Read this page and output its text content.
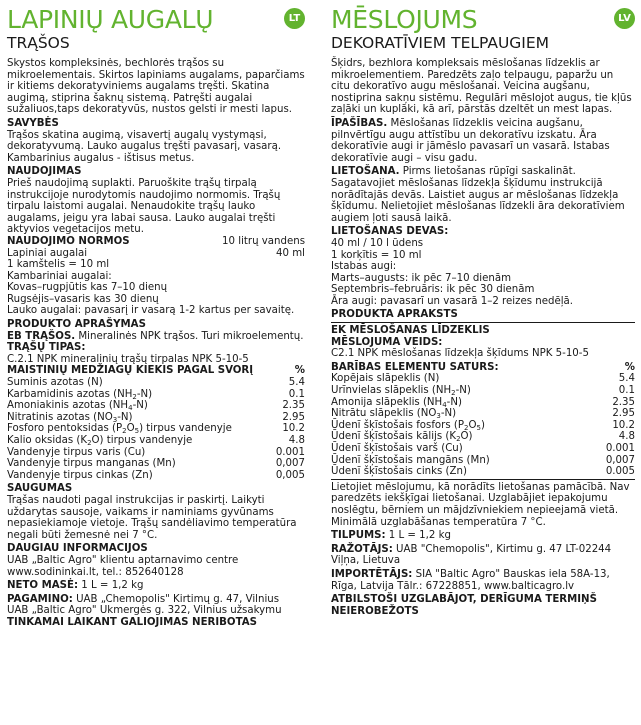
LAPINIŲ AUGALŲ
TRĄŠOS
LT

Skystos kompleksinės, bechlorės trąšos su mikroelementais. Skirtos lapiniams augalams, paparčiams ir kitiems dekoratyviniems augalams tręšti. Skatina augimą, stiprina šaknų sistemą. Patręšti augalai sužaliuos,taps dekoratyvūs, nustos gelsti ir mesti lapus.

SAVYBĖS

Trąšos skatina augimą, visavertį augalų vystymąsi, dekoratyvumą. Lauko augalus tręšti pavasarį, vasarą. Kambarinius augalus - ištisus metus.

NAUDOJIMAS

Prieš naudojimą suplakti. Paruoškite trąšų tirpalą instrukcijoje nurodytomis naudojimo normomis. Trąšų tirpalu laistomi augalai. Nenaudokite trąšų lauko augalams, jeigu yra labai sausa. Lauko augalai tręšti aktyvios vegetacijos metu.

NAUDOJIMO NORMOS	10 litrų vandens
Lapiniai augalai	40 ml

1 kamštelis = 10 ml

Kambariniai augalai:

Kovas–rugpjūtis kas 7–10 dienų

Rugsėjis–vasaris kas 30 dienų

Lauko augalai: pavasarį ir vasarą 1-2 kartus per savaitę.

PRODUKTO APRAŠYMAS

EB TRĄŠOS. Mineralinės NPK trąšos. Turi mikroelementų.

TRĄŠŲ TIPAS:

C.2.1 NPK mineralinių trąšų tirpalas NPK 5-10-5

MAISTINIŲ MEDŽIAGŲ KIEKIS PAGAL SVORĮ	%
Suminis azotas (N)	5.4
Karbamidinis azotas $(NH_2-N)$	0.1
Amoniakinis azotas $(NH_4-N)$	2.35
Nitratinis azotas $(NO_3-N)$	2.95
Fosforo pentoksidas $(P_2O_5)$ tirpus vandenyje	10.2
Kalio oksidas $(K_2O)$ tirpus vandenyje	4.8
Vandenyje tirpus varis (Cu)	0.001
Vandenyje tirpus manganas (Mn)	0,007
Vandenyje tirpus cinkas (Zn)	0,005

SAUGUMAS

Trąšas naudoti pagal instrukcijas ir paskirtį. Laikyti uždarytas sausoje, vaikams ir naminiams gyvūnams nepasiekiamoje vietoje. Trąšų sandėliavimo temperatūra negali būti žemesnė nei 7 °C.

DAUGIAU INFORMACIJOS

UAB „Baltic Agro" klientu aptarnavimo centre

www.sodininkai.lt, tel.: 852640128

NETO MASĖ: 1 L = 1,2 kg

PAGAMINO: UAB „Chemopolis" Kirtimų g. 47, Vilnius

UAB „Baltic Agro" Ukmergės g. 322, Vilnius užsakymu

TINKAMAI LAIKANT GALIOJIMAS NERIBOTAS

MĒSLOJUMS
DEKORATĪVIEM TELPAUGIEM
LV

Šķidrs, bezhlora kompleksais mēslošanas līdzeklis ar mikroelementiem. Paredzēts zaļo telpaugu, paparžu un citu dekoratīvo augu mēslošanai. Veicina augšanu, nostiprina sakņu sistēmu. Regulāri mēslojot augus, tie kļūs zaļāki un kuplāki, kā arī, pārstās dzeltēt un mest lapas.

ĪPAŠĪBAS. Mēslošanas līdzeklis veicina augšanu, pilnvērtīgu augu attīstību un dekoratīvu izskatu. Āra dekoratīvie augi ir jāmēslo pavasarī un vasarā. Istabas dekoratīvie augi – visu gadu.

LIETOŠANA. Pirms lietošanas rūpīgi saskalināt. Sagatavojiet mēslošanas līdzekļa šķīdumu instrukcijā norādītajās devās. Laistiet augus ar mēslošanas līdzekļa šķīdumu. Nelietojiet mēslošanas līdzekli āra dekoratīviem augiem ļoti sausā laikā.

LIETOŠANAS DEVAS:

40 ml / 10 l ūdens

1 korķītis = 10 ml

Istabas augi:

Marts–augusts: ik pēc 7–10 dienām

Septembris–februāris: ik pēc 30 dienām

Āra augi: pavasarī un vasarā 1–2 reizes nedēļā.

PRODUKTA APRAKSTS

EK MĒSLOŠANAS LĪDZEKLIS

MĒSLOJUMA VEIDS:

C2.1 NPK mēslošanas līdzekļa šķīdums NPK 5-10-5

BARĪBAS ELEMENTU SATURS:	%
Kopējais slāpeklis (N)	5.4
Urīnvielas slāpeklis $(NH_2-N)$	0.1
Amonija slāpeklis $(NH_4-N)$	2.35
Nitrātu slāpeklis $(NO_3-N)$	2.95
Ūdenī šķīstošais fosfors $(P_2O_5)$	10.2
Ūdenī šķīstošais kālijs $(K_2O)$	4.8
Ūdenī šķīstošais varš (Cu)	0.001
Ūdenī šķīstošais mangāns (Mn)	0,007
Ūdenī šķīstošais cinks (Zn)	0.005

Lietojiet mēslojumu, kā norādīts lietošanas pamācībā. Nav paredzēts iekšķīgai lietošanai. Uzglabājiet iepakojumu noslēgtu, bērniem un mājdzīvniekiem nepieejamā vietā. Minimālā uzglabāšanas temperatūra 7 °C.

TILPUMS: 1 L = 1,2 kg

RAŽOTĀJS: UAB "Chemopolis", Kirtimu g. 47 LT-02244 Viļņa, Lietuva

IMPORTĒTĀJS: SIA "Baltic Agro" Bauskas iela 58A-13, Rīga, Latvija Tālr.: 67228851, www.balticagro.lv

ATBILSTOŠI UZGLABĀJOT, DERĪGUMA TERMIŅŠ NEIEROBEŽOTS
